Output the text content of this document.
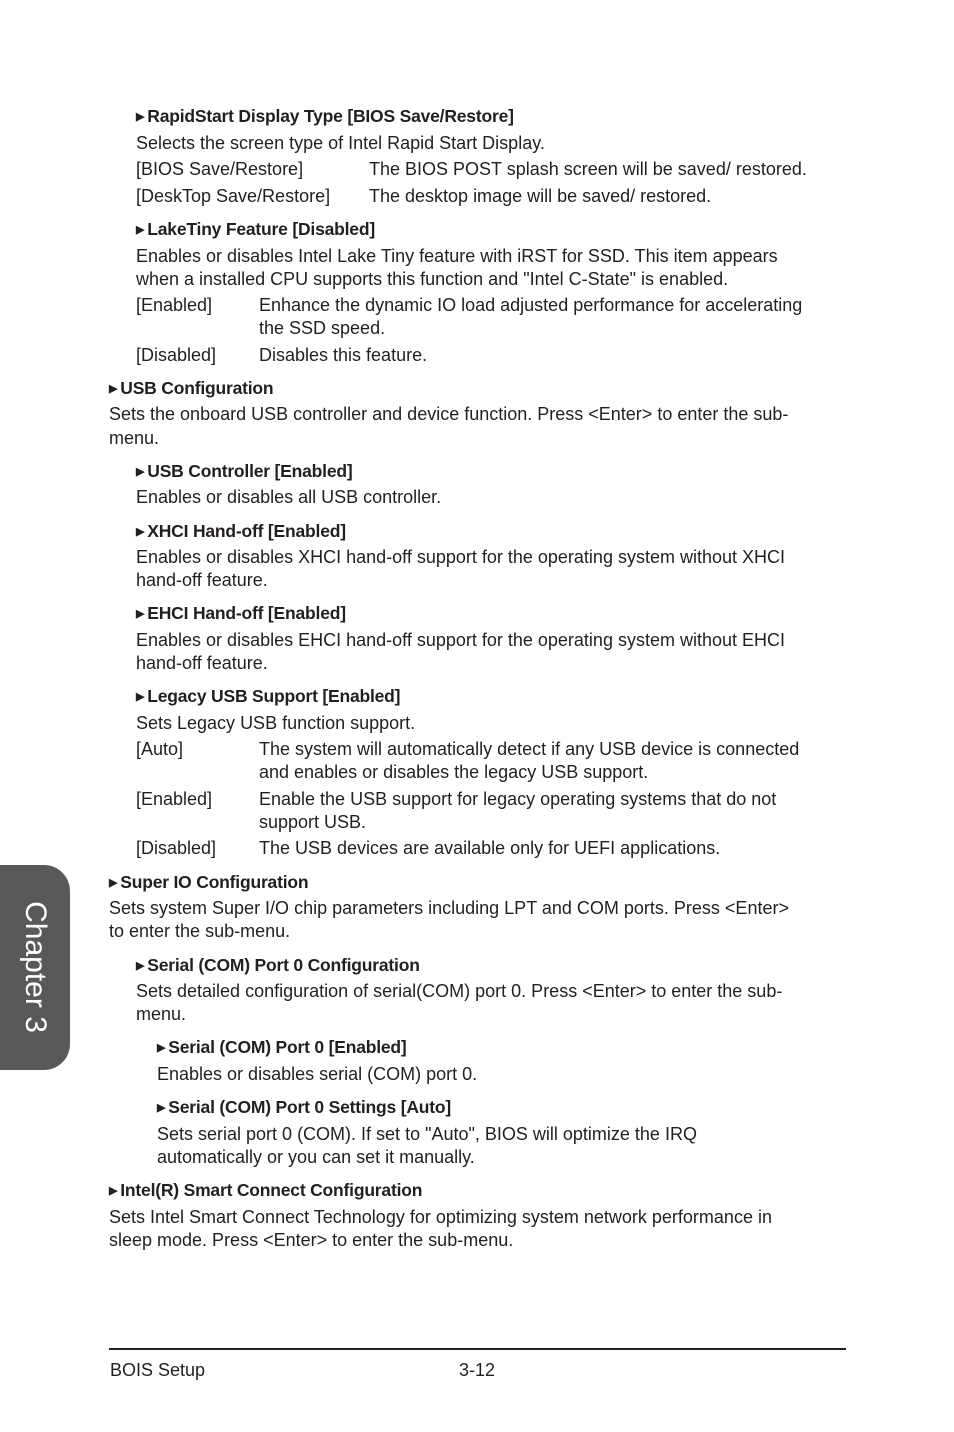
▶ RapidStart Display Type [BIOS Save/Restore]
Selects the screen type of Intel Rapid Start Display.
[BIOS Save/Restore]	The BIOS POST splash screen will be saved/ restored.
[DeskTop Save/Restore] The desktop image will be saved/ restored.
▶ LakeTiny Feature [Disabled]
Enables or disables Intel Lake Tiny feature with iRST for SSD. This item appears
when a installed CPU supports this function and "Intel C-State" is enabled.
[Enabled]	Enhance the dynamic IO load adjusted performance for accelerating
the SSD speed.
[Disabled] Disables this feature.
▶ USB Configuration
Sets the onboard USB controller and device function. Press <Enter> to enter the sub-
menu.
▶ USB Controller [Enabled]
Enables or disables all USB controller.
▶ XHCI Hand-off [Enabled]
Enables or disables XHCI hand-off support for the operating system without XHCI
hand-off feature.
▶ EHCI Hand-off [Enabled]
Enables or disables EHCI hand-off support for the operating system without EHCI
hand-off feature.
▶ Legacy USB Support [Enabled]
Sets Legacy USB function support.
[Auto]	The system will automatically detect if any USB device is connected
and enables or disables the legacy USB support.
[Enabled]	Enable the USB support for legacy operating systems that do not
support USB.
[Disabled] The USB devices are available only for UEFI applications.
▶ Super IO Configuration
Sets system Super I/O chip parameters including LPT and COM ports. Press <Enter>
to enter the sub-menu.
▶ Serial (COM) Port 0 Configuration
Sets detailed configuration of serial(COM) port 0. Press <Enter> to enter the sub-
menu.
▶ Serial (COM) Port 0 [Enabled]
Enables or disables serial (COM) port 0.
▶ Serial (COM) Port 0 Settings [Auto]
Sets serial port 0 (COM). If set to "Auto", BIOS will optimize the IRQ
automatically or you can set it manually.
▶ Intel(R) Smart Connect Configuration
Sets Intel Smart Connect Technology for optimizing system network performance in
sleep mode. Press <Enter> to enter the sub-menu.
Chapter 3
BOIS Setup	3-12
